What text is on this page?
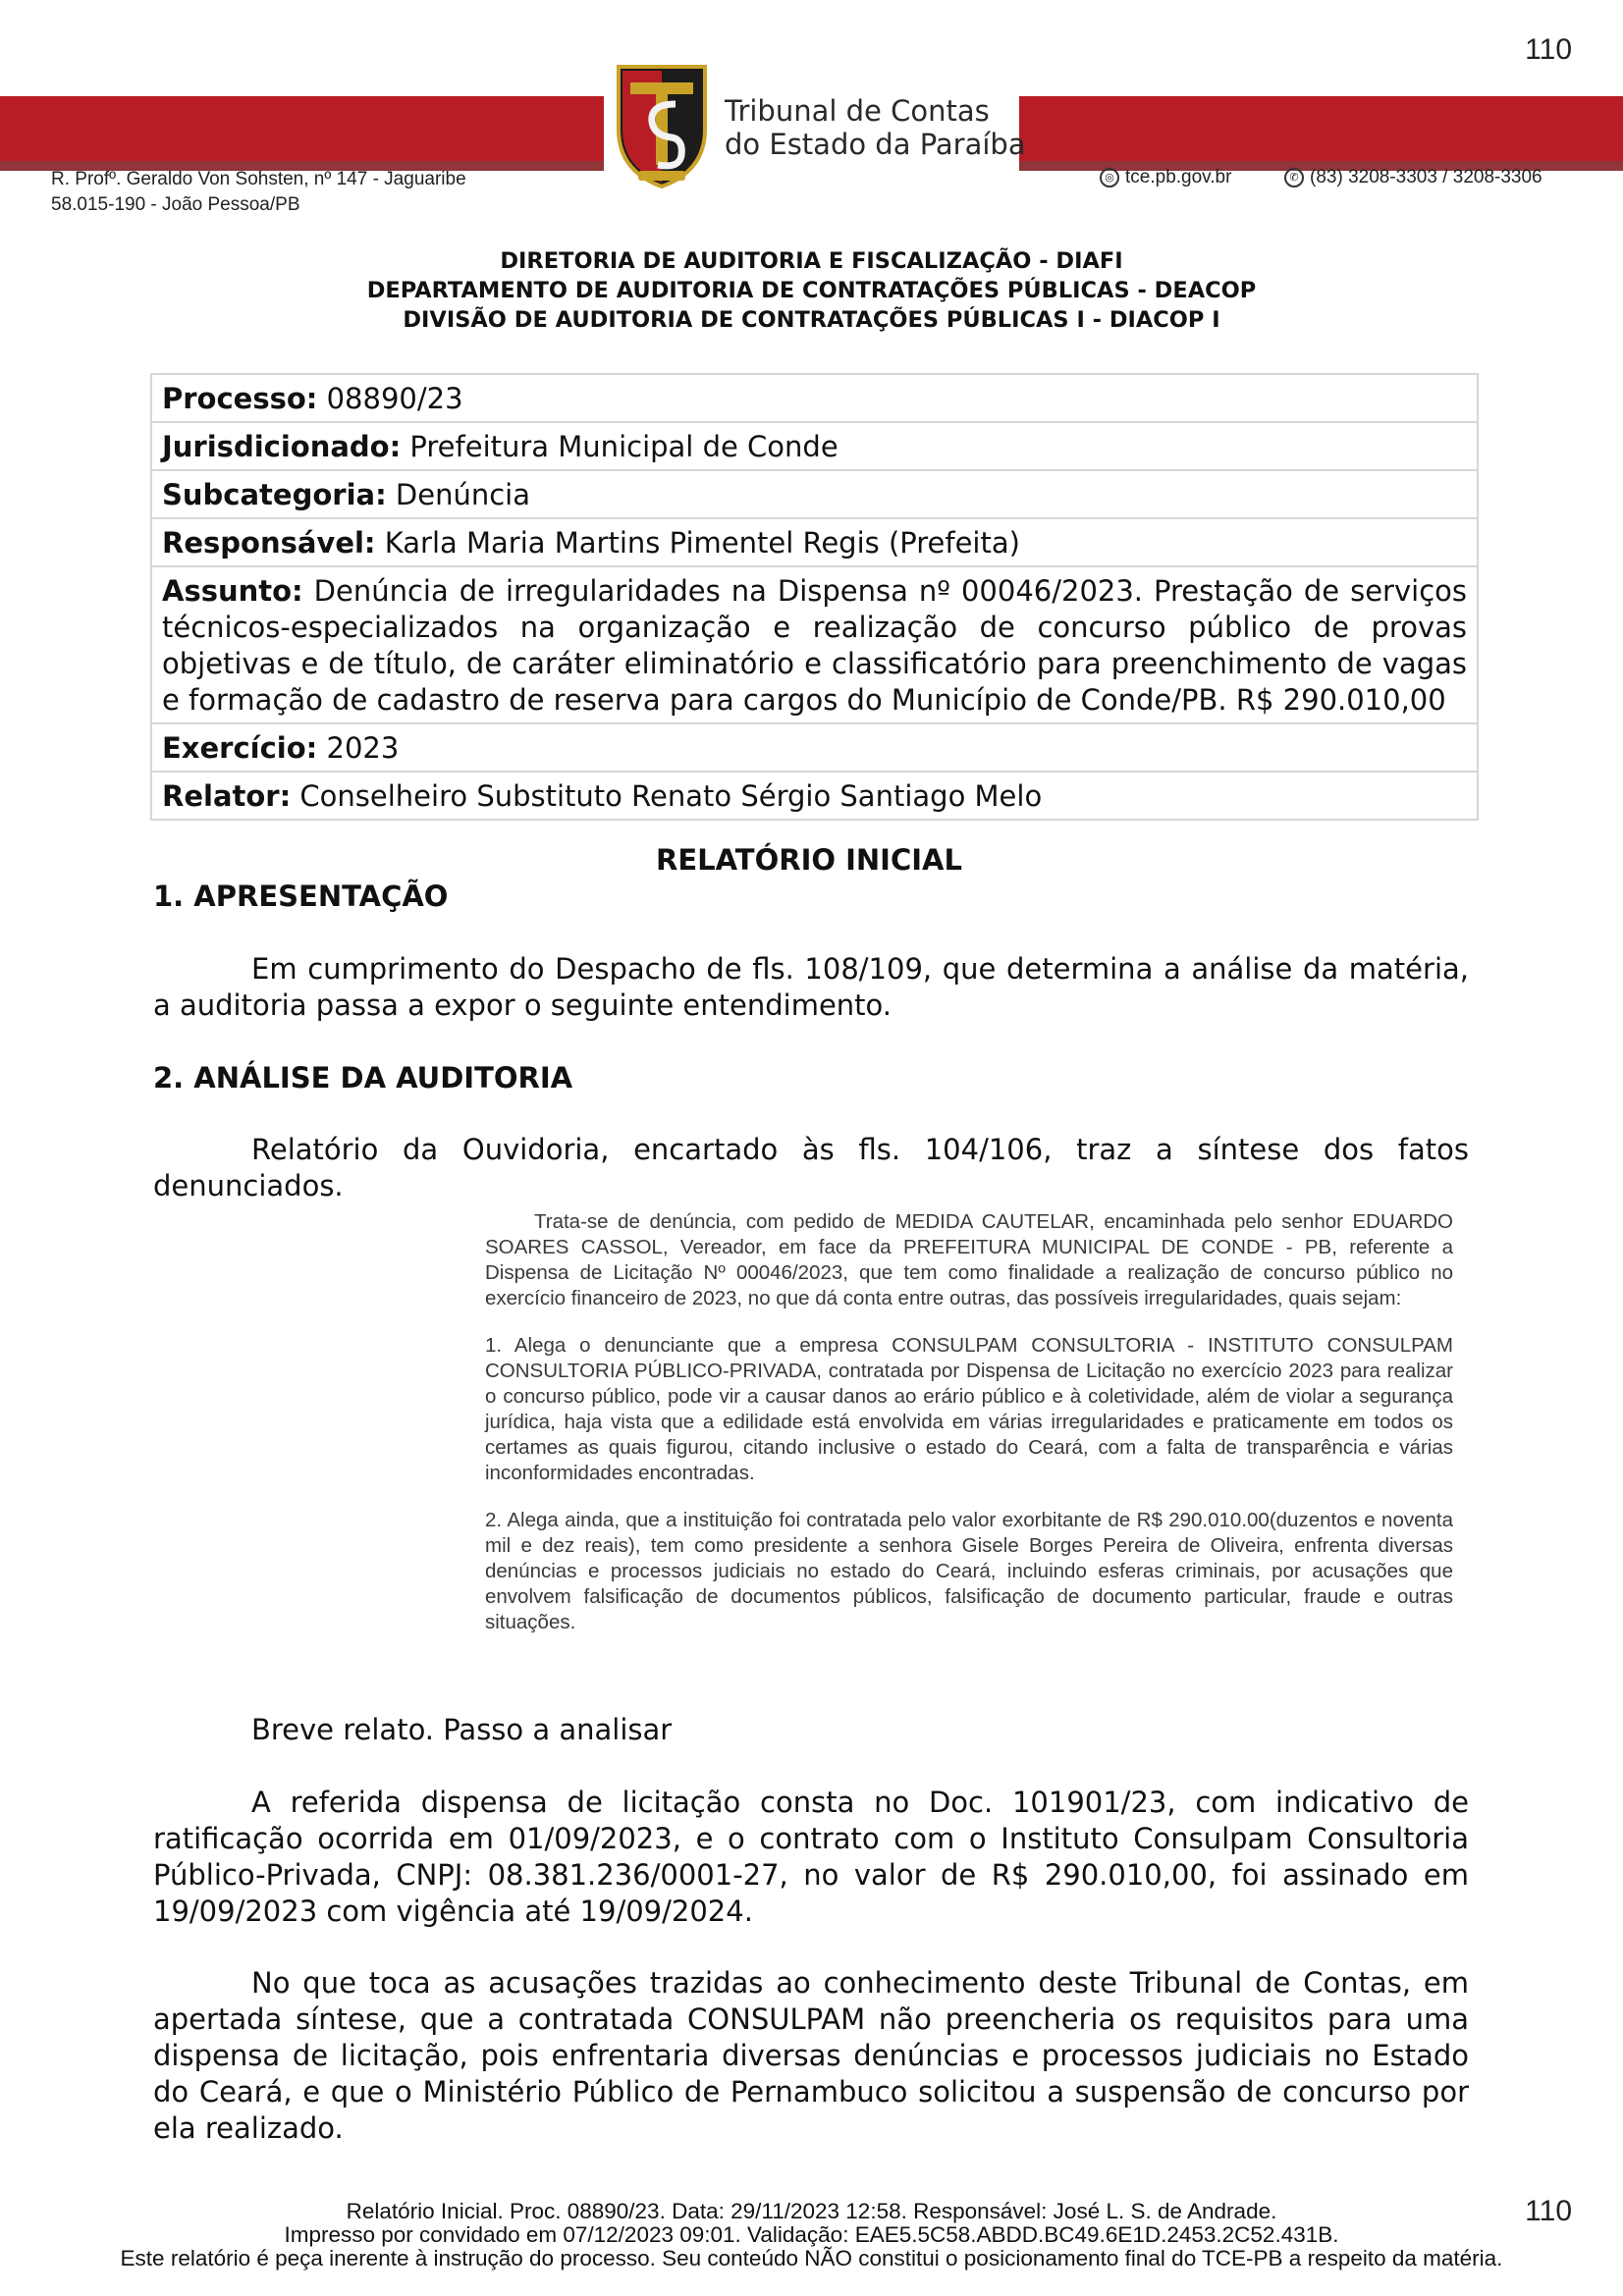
110
Tribunal de Contas
do Estado da Paraíba
R. Profº. Geraldo Von Sohsten, nº 147 - Jaguaribe
58.015-190 - João Pessoa/PB
◎ tce.pb.gov.br	✆ (83) 3208-3303 / 3208-3306
DIRETORIA DE AUDITORIA E FISCALIZAÇÃO - DIAFI
DEPARTAMENTO DE AUDITORIA DE CONTRATAÇÕES PÚBLICAS - DEACOP
DIVISÃO DE AUDITORIA DE CONTRATAÇÕES PÚBLICAS I - DIACOP I
Processo: 08890/23
Jurisdicionado: Prefeitura Municipal de Conde
Subcategoria: Denúncia
Responsável: Karla Maria Martins Pimentel Regis (Prefeita)
Assunto: Denúncia de irregularidades na Dispensa nº 00046/2023. Prestação de serviços técnicos-especializados na organização e realização de concurso público de provas objetivas e de título, de caráter eliminatório e classificatório para preenchimento de vagas e formação de cadastro de reserva para cargos do Município de Conde/PB. R$ 290.010,00
Exercício: 2023
Relator: Conselheiro Substituto Renato Sérgio Santiago Melo
RELATÓRIO INICIAL
1. APRESENTAÇÃO
Em cumprimento do Despacho de fls. 108/109, que determina a análise da matéria, a auditoria passa a expor o seguinte entendimento.
2. ANÁLISE DA AUDITORIA
Relatório da Ouvidoria, encartado às fls. 104/106, traz a síntese dos fatos denunciados.

Trata-se de denúncia, com pedido de MEDIDA CAUTELAR, encaminhada pelo senhor EDUARDO SOARES CASSOL, Vereador, em face da PREFEITURA MUNICIPAL DE CONDE - PB, referente a Dispensa de Licitação Nº 00046/2023, que tem como finalidade a realização de concurso público no exercício financeiro de 2023, no que dá conta entre outras, das possíveis irregularidades, quais sejam:

1. Alega o denunciante que a empresa CONSULPAM CONSULTORIA - INSTITUTO CONSULPAM CONSULTORIA PÚBLICO-PRIVADA, contratada por Dispensa de Licitação no exercício 2023 para realizar o concurso público, pode vir a causar danos ao erário público e à coletividade, além de violar a segurança jurídica, haja vista que a edilidade está envolvida em várias irregularidades e praticamente em todos os certames as quais figurou, citando inclusive o estado do Ceará, com a falta de transparência e várias inconformidades encontradas.

2. Alega ainda, que a instituição foi contratada pelo valor exorbitante de R$ 290.010.00(duzentos e noventa mil e dez reais), tem como presidente a senhora Gisele Borges Pereira de Oliveira, enfrenta diversas denúncias e processos judiciais no estado do Ceará, incluindo esferas criminais, por acusações que envolvem falsificação de documentos públicos, falsificação de documento particular, fraude e outras situações.

Breve relato. Passo a analisar
A referida dispensa de licitação consta no Doc. 101901/23, com indicativo de ratificação ocorrida em 01/09/2023, e o contrato com o Instituto Consulpam Consultoria Público-Privada, CNPJ: 08.381.236/0001-27, no valor de R$ 290.010,00, foi assinado em 19/09/2023 com vigência até 19/09/2024.
No que toca as acusações trazidas ao conhecimento deste Tribunal de Contas, em apertada síntese, que a contratada CONSULPAM não preencheria os requisitos para uma dispensa de licitação, pois enfrentaria diversas denúncias e processos judiciais no Estado do Ceará, e que o Ministério Público de Pernambuco solicitou a suspensão de concurso por ela realizado.
Relatório Inicial. Proc. 08890/23. Data: 29/11/2023 12:58. Responsável: José L. S. de Andrade.
Impresso por convidado em 07/12/2023 09:01. Validação: EAE5.5C58.ABDD.BC49.6E1D.2453.2C52.431B.
Este relatório é peça inerente à instrução do processo. Seu conteúdo NÃO constitui o posicionamento final do TCE-PB a respeito da matéria.
110
